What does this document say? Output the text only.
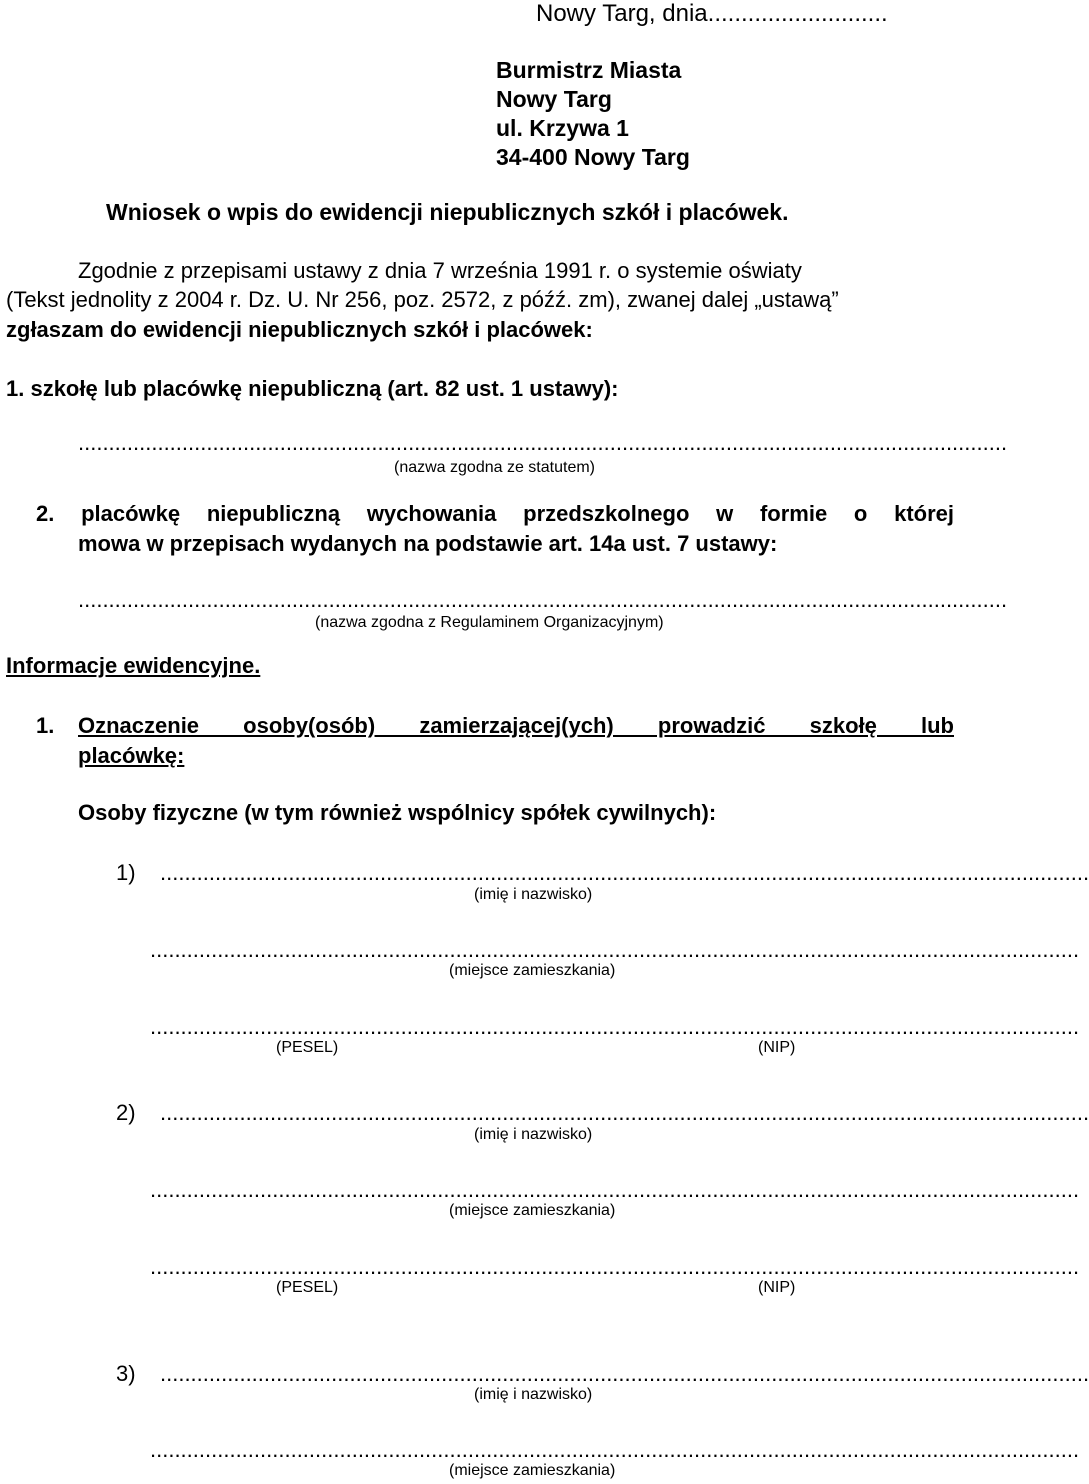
Nowy Targ, dnia...........................
Burmistrz Miasta
Nowy Targ
ul. Krzywa 1
34-400 Nowy Targ
Wniosek o wpis do ewidencji niepublicznych szkół i placówek.
Zgodnie z przepisami ustawy z dnia 7 września 1991 r. o systemie oświaty
(Tekst jednolity z 2004 r. Dz. U. Nr 256, poz. 2572, z późź. zm), zwanej dalej „ustawą”
zgłaszam do ewidencji niepublicznych szkół i placówek:
1. szkołę lub placówkę niepubliczną (art. 82 ust. 1 ustawy):
........................................................................................................................................................
(nazwa zgodna ze statutem)
2. placówkę niepubliczną wychowania przedszkolnego w formie o której
mowa w przepisach wydanych na podstawie art. 14a ust. 7 ustawy:
........................................................................................................................................................
(nazwa zgodna z Regulaminem Organizacyjnym)
Informacje ewidencyjne.
1. Oznaczenie osoby(osób) zamierzającej(ych) prowadzić szkołę lub
placówkę:
Osoby fizyczne (w tym również wspólnicy spółek cywilnych):
1) ........................................................................................................................................................
(imię i nazwisko)
........................................................................................................................................................
(miejsce zamieszkania)
........................................................................................................................................................
(PESEL)	(NIP)
2) ........................................................................................................................................................
(imię i nazwisko)
........................................................................................................................................................
(miejsce zamieszkania)
........................................................................................................................................................
(PESEL)	(NIP)
3) ........................................................................................................................................................
(imię i nazwisko)
........................................................................................................................................................
(miejsce zamieszkania)
